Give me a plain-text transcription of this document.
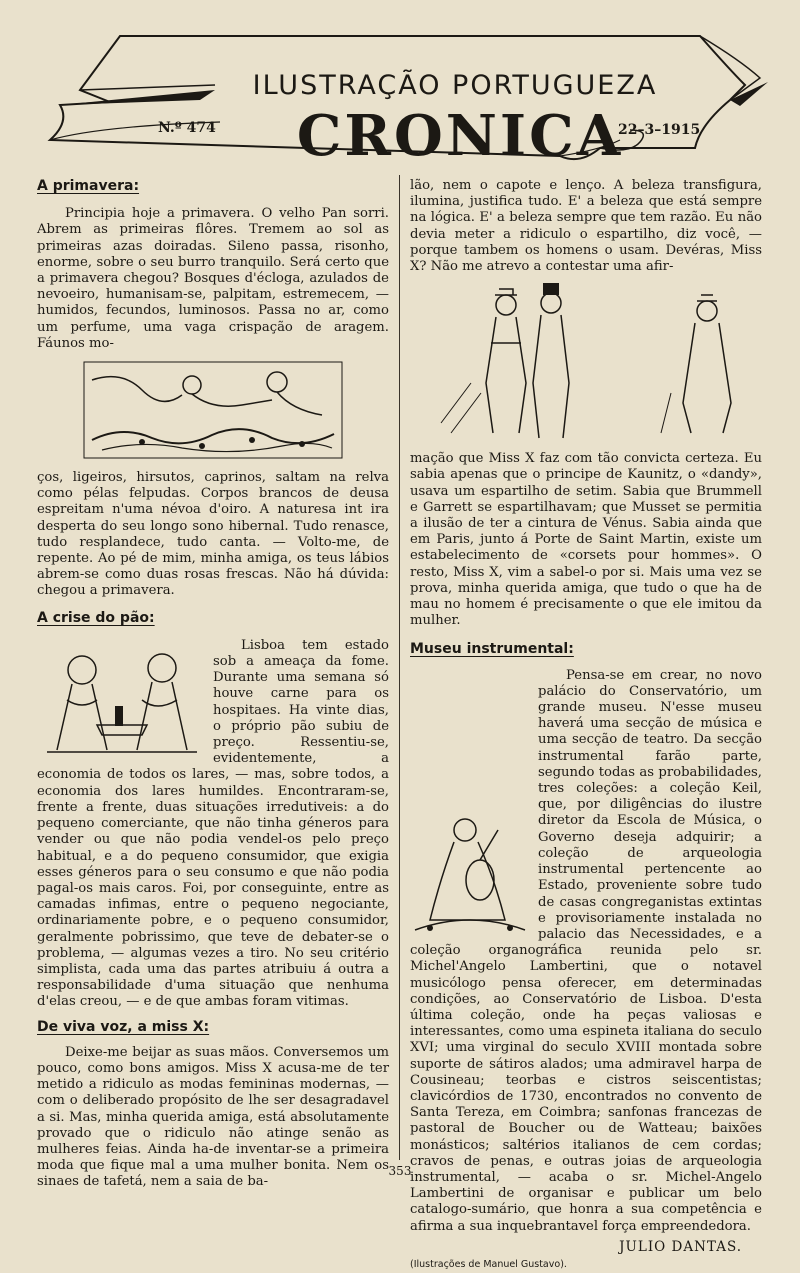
ILUSTRAÇÃO PORTUGUEZA
CRONICA
N.º 474	22–3–1915
A primavera:

Principia hoje a primavera. O velho Pan sorri. Abrem as primeiras flôres. Tremem ao sol as primeiras azas doiradas. Sileno passa, risonho, enorme, sobre o seu burro tranquilo. Será certo que a primavera chegou? Bosques d'écloga, azulados de nevoeiro, humanisam-se, palpitam, estremecem, — humidos, fecundos, luminosos. Passa no ar, como um perfume, uma vaga crispação de aragem. Fáunos mo-

ços, ligeiros, hirsutos, caprinos, saltam na relva como pélas felpudas. Corpos brancos de deusa espreitam n'uma névoa d'oiro. A naturesa int ira desperta do seu longo sono hibernal. Tudo renasce, tudo resplandece, tudo canta. — Volto-me, de repente. Ao pé de mim, minha amiga, os teus lábios abrem-se como duas rosas frescas. Não há dúvida: chegou a primavera.

A crise do pão:

Lisboa tem estado sob a ameaça da fome. Durante uma semana só houve carne para os hospitaes. Ha vinte dias, o próprio pão subiu de preço. Ressentiu-se, evidentemente, a economia de todos os lares, — mas, sobre todos, a economia dos lares humildes. Encontraram-se, frente a frente, duas situações irredutiveis: a do pequeno comerciante, que não tinha géneros para vender ou que não podia vendel-os pelo preço habitual, e a do pequeno consumidor, que exigia esses géneros para o seu consumo e que não podia pagal-os mais caros. Foi, por conseguinte, entre as camadas infimas, entre o pequeno negociante, ordinariamente pobre, e o pequeno consumidor, geralmente pobrissimo, que teve de debater-se o problema, — algumas vezes a tiro. No seu critério simplista, cada uma das partes atribuiu á outra a responsabilidade d'uma situação que nenhuma d'elas creou, — e de que ambas foram vitimas.

De viva voz, a miss X:

Deixe-me beijar as suas mãos. Conversemos um pouco, como bons amigos. Miss X acusa-me de ter metido a ridiculo as modas femininas modernas, — com o deliberado propósito de lhe ser desagradavel a si. Mas, minha querida amiga, está absolutamente provado que o ridiculo não atinge senão as mulheres feias. Ainda ha-de inventar-se a primeira moda que fique mal a uma mulher bonita. Nem os sinaes de tafetá, nem a saia de ba-

lão, nem o capote e lenço. A beleza transfigura, ilumina, justifica tudo. E' a beleza que está sempre na lógica. E' a beleza sempre que tem razão. Eu não devia meter a ridiculo o espartilho, diz você, — porque tambem os homens o usam. Devéras, Miss X? Não me atrevo a contestar uma afir-

mação que Miss X faz com tão convicta certeza. Eu sabia apenas que o principe de Kaunitz, o «dandy», usava um espartilho de setim. Sabia que Brummell e Garrett se espartilhavam; que Musset se permitia a ilusão de ter a cintura de Vénus. Sabia ainda que em Paris, junto á Porte de Saint Martin, existe um estabelecimento de «corsets pour hommes». O resto, Miss X, vim a sabel-o por si. Mais uma vez se prova, minha querida amiga, que tudo o que ha de mau no homem é precisamente o que ele imitou da mulher.

Museu instrumental:

Pensa-se em crear, no novo palácio do Conservatório, um grande museu. N'esse museu haverá uma secção de música e uma secção de teatro. Da secção instrumental farão parte, segundo todas as probabilidades, tres coleções: a coleção Keil, que, por diligências do ilustre diretor da Escola de Música, o Governo deseja adquirir; a coleção de arqueologia instrumental pertencente ao Estado, proveniente sobre tudo de casas congreganistas extintas e provisoriamente instalada no palacio das Necessidades, e a coleção organográfica reunida pelo sr. Michel'Angelo Lambertini, que o notavel musicólogo pensa oferecer, em determinadas condições, ao Conservatório de Lisboa. D'esta última coleção, onde ha peças valiosas e interessantes, como uma espineta italiana do seculo XVI; uma virginal do seculo XVIII montada sobre suporte de sátiros alados; uma admiravel harpa de Cousineau; teorbas e cistros seiscentistas; clavicórdios de 1730, encontrados no convento de Santa Tereza, em Coimbra; sanfonas francezas de pastoral de Boucher ou de Watteau; baixões monásticos; saltérios italianos de cem cordas; cravos de penas, e outras joias de arqueologia instrumental, — acaba o sr. Michel-Angelo Lambertini de organisar e publicar um belo catalogo-sumário, que honra a sua competência e afirma a sua inquebrantavel força empreendedora.

JULIO DANTAS.

(Ilustrações de Manuel Gustavo).

353
